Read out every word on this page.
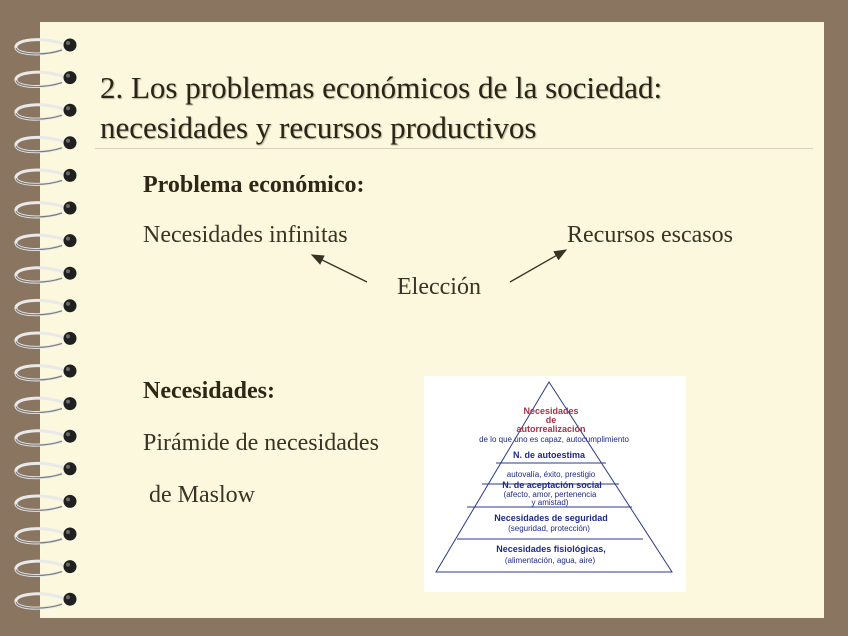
2. Los problemas económicos de la sociedad:
necesidades y recursos productivos
Problema económico:
Necesidades infinitas	Recursos escasos
Elección
Necesidades:
Pirámide de necesidades
de Maslow
Necesidades
de
autorrealización
de lo que uno es capaz, autocumplimiento
N. de autoestima
autovalía, éxito, prestigio
N. de aceptación social
(afecto, amor, pertenencia
y amistad)
Necesidades de seguridad
(seguridad, protección)
Necesidades fisiológicas,
(alimentación, agua, aire)
